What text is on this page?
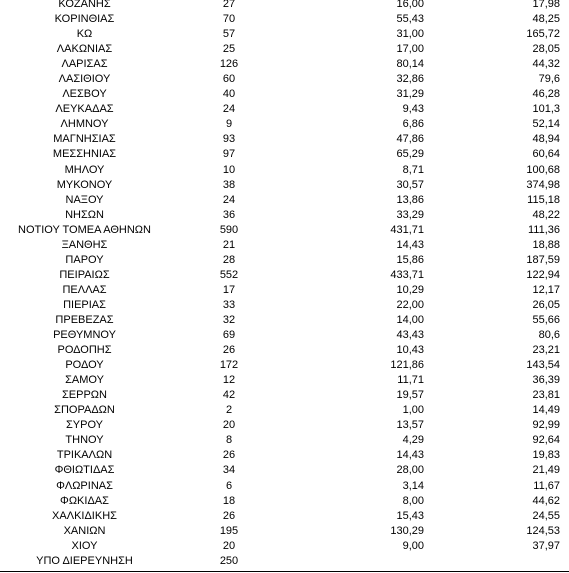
ΚΟΖΑΝΗΣ	27	16,00	17,98
ΚΟΡΙΝΘΙΑΣ	70	55,43	48,25
ΚΩ	57	31,00	165,72
ΛΑΚΩΝΙΑΣ	25	17,00	28,05
ΛΑΡΙΣΑΣ	126	80,14	44,32
ΛΑΣΙΘΙΟΥ	60	32,86	79,6
ΛΕΣΒΟΥ	40	31,29	46,28
ΛΕΥΚΑΔΑΣ	24	9,43	101,3
ΛΗΜΝΟΥ	9	6,86	52,14
ΜΑΓΝΗΣΙΑΣ	93	47,86	48,94
ΜΕΣΣΗΝΙΑΣ	97	65,29	60,64
ΜΗΛΟΥ	10	8,71	100,68
ΜΥΚΟΝΟΥ	38	30,57	374,98
ΝΑΞΟΥ	24	13,86	115,18
ΝΗΣΩΝ	36	33,29	48,22
ΝΟΤΙΟΥ ΤΟΜΕΑ ΑΘΗΝΩΝ	590	431,71	111,36
ΞΑΝΘΗΣ	21	14,43	18,88
ΠΑΡΟΥ	28	15,86	187,59
ΠΕΙΡΑΙΩΣ	552	433,71	122,94
ΠΕΛΛΑΣ	17	10,29	12,17
ΠΙΕΡΙΑΣ	33	22,00	26,05
ΠΡΕΒΕΖΑΣ	32	14,00	55,66
ΡΕΘΥΜΝΟΥ	69	43,43	80,6
ΡΟΔΟΠΗΣ	26	10,43	23,21
ΡΟΔΟΥ	172	121,86	143,54
ΣΑΜΟΥ	12	11,71	36,39
ΣΕΡΡΩΝ	42	19,57	23,81
ΣΠΟΡΑΔΩΝ	2	1,00	14,49
ΣΥΡΟΥ	20	13,57	92,99
ΤΗΝΟΥ	8	4,29	92,64
ΤΡΙΚΑΛΩΝ	26	14,43	19,83
ΦΘΙΩΤΙΔΑΣ	34	28,00	21,49
ΦΛΩΡΙΝΑΣ	6	3,14	11,67
ΦΩΚΙΔΑΣ	18	8,00	44,62
ΧΑΛΚΙΔΙΚΗΣ	26	15,43	24,55
ΧΑΝΙΩΝ	195	130,29	124,53
ΧΙΟΥ	20	9,00	37,97
ΥΠΟ ΔΙΕΡΕΥΝΗΣΗ	250
